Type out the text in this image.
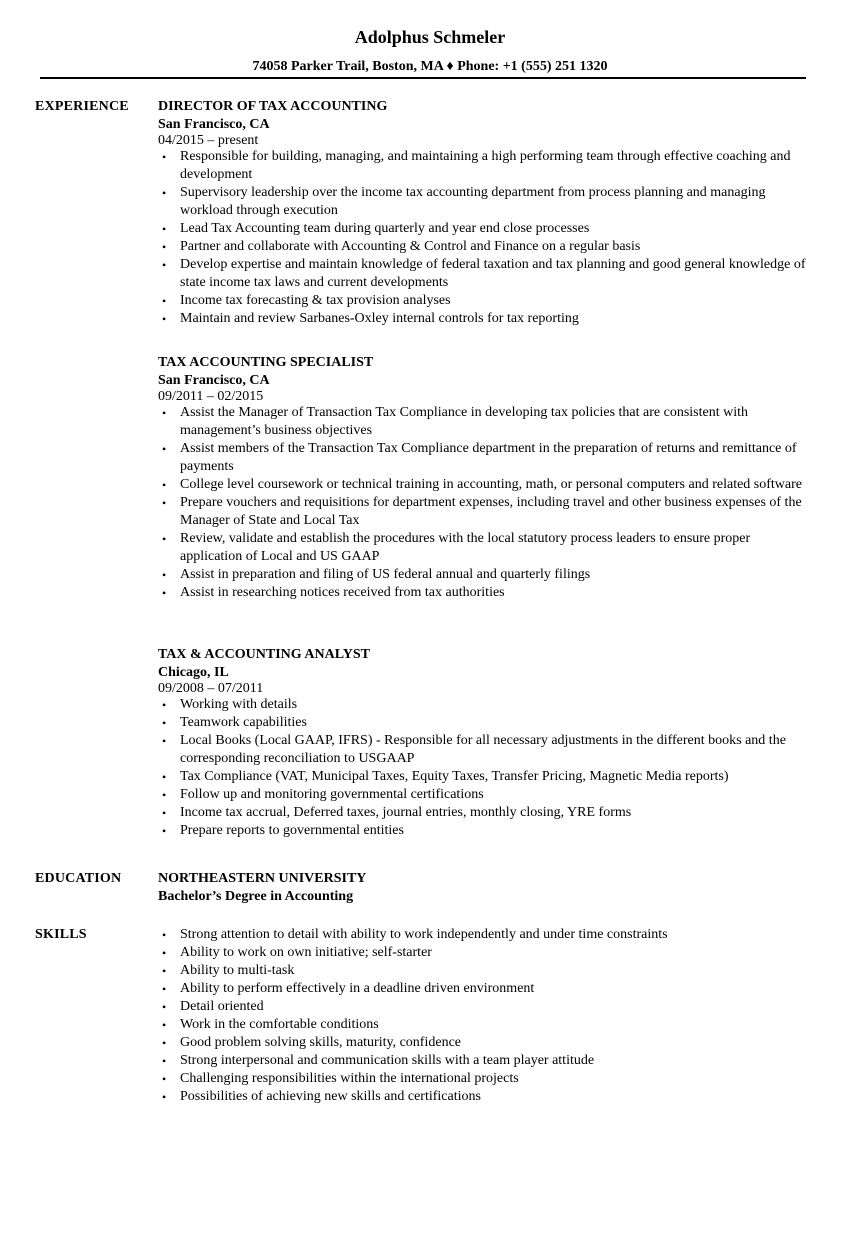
Adolphus Schmeler
74058 Parker Trail, Boston, MA ♦ Phone: +1 (555) 251 1320
EXPERIENCE DIRECTOR OF TAX ACCOUNTING
San Francisco, CA
04/2015 – present
• Responsible for building, managing, and maintaining a high performing team through effective coaching and development
• Supervisory leadership over the income tax accounting department from process planning and managing workload through execution
• Lead Tax Accounting team during quarterly and year end close processes
• Partner and collaborate with Accounting & Control and Finance on a regular basis
• Develop expertise and maintain knowledge of federal taxation and tax planning and good general knowledge of state income tax laws and current developments
• Income tax forecasting & tax provision analyses
• Maintain and review Sarbanes-Oxley internal controls for tax reporting
TAX ACCOUNTING SPECIALIST
San Francisco, CA
09/2011 – 02/2015
• Assist the Manager of Transaction Tax Compliance in developing tax policies that are consistent with management’s business objectives
• Assist members of the Transaction Tax Compliance department in the preparation of returns and remittance of payments
• College level coursework or technical training in accounting, math, or personal computers and related software
• Prepare vouchers and requisitions for department expenses, including travel and other business expenses of the Manager of State and Local Tax
• Review, validate and establish the procedures with the local statutory process leaders to ensure proper application of Local and US GAAP
• Assist in preparation and filing of US federal annual and quarterly filings
• Assist in researching notices received from tax authorities
TAX & ACCOUNTING ANALYST
Chicago, IL
09/2008 – 07/2011
• Working with details
• Teamwork capabilities
• Local Books (Local GAAP, IFRS) - Responsible for all necessary adjustments in the different books and the corresponding reconciliation to USGAAP
• Tax Compliance (VAT, Municipal Taxes, Equity Taxes, Transfer Pricing, Magnetic Media reports)
• Follow up and monitoring governmental certifications
• Income tax accrual, Deferred taxes, journal entries, monthly closing, YRE forms
• Prepare reports to governmental entities
EDUCATION	NORTHEASTERN UNIVERSITY
Bachelor’s Degree in Accounting
SKILLS
•	Strong attention to detail with ability to work independently and under time constraints
• Ability to work on own initiative; self-starter
• Ability to multi-task
• Ability to perform effectively in a deadline driven environment
• Detail oriented
• Work in the comfortable conditions
• Good problem solving skills, maturity, confidence
• Strong interpersonal and communication skills with a team player attitude
• Challenging responsibilities within the international projects
• Possibilities of achieving new skills and certifications
